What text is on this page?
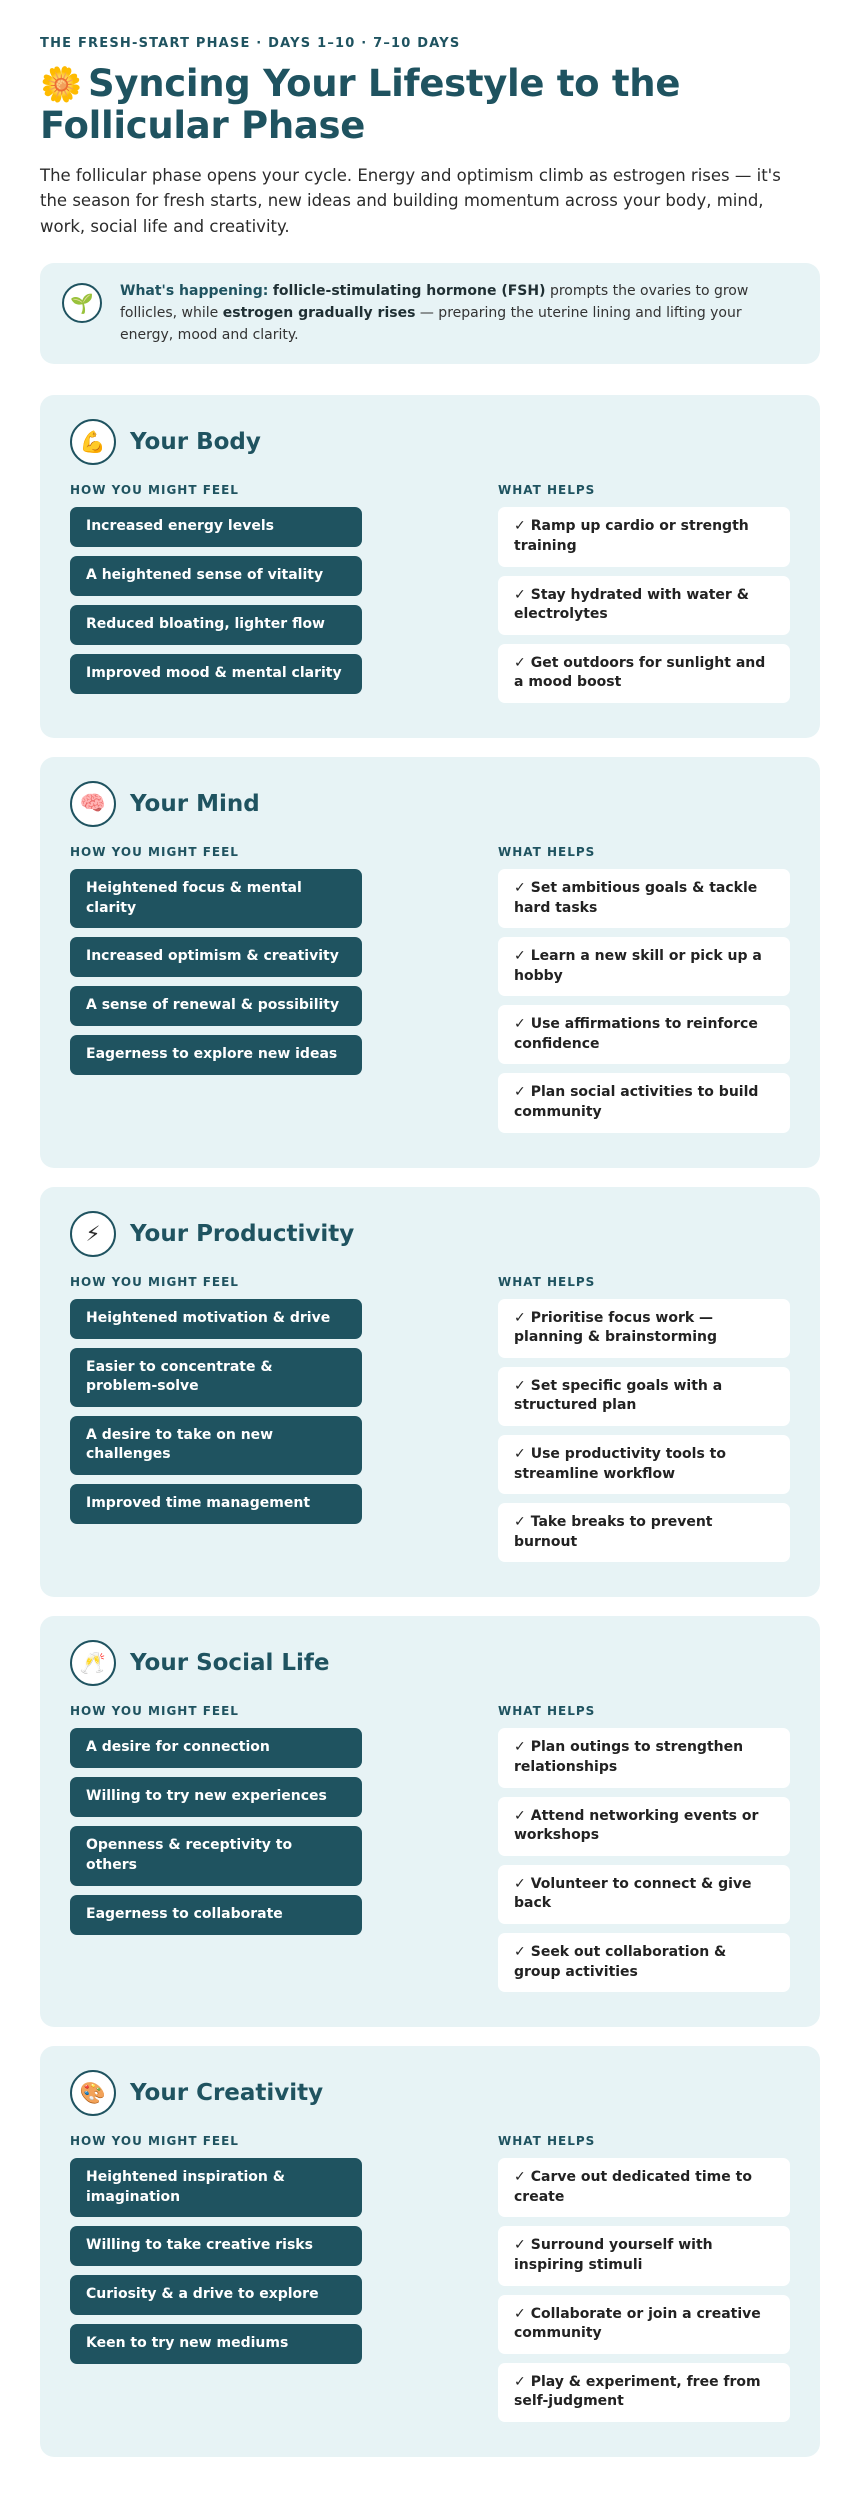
THE FRESH-START PHASE · DAYS 1–10 · 7–10 DAYS
🌼 Syncing Your Lifestyle to the Follicular Phase

The follicular phase opens your cycle. Energy and optimism climb as estrogen rises — it's the season for fresh starts, new ideas and building momentum across your body, mind, work, social life and creativity.

🌱
What's happening: follicle-stimulating hormone (FSH) prompts the ovaries to grow follicles, while estrogen gradually rises — preparing the uterine lining and lifting your energy, mood and clarity.
💪	Your Body
HOW YOU MIGHT FEEL
Increased energy levels
A heightened sense of vitality
Reduced bloating, lighter flow
Improved mood & mental clarity
WHAT HELPS
✓ Ramp up cardio or strength training
✓ Stay hydrated with water & electrolytes
✓ Get outdoors for sunlight and a mood boost
🧠	Your Mind
HOW YOU MIGHT FEEL
Heightened focus & mental clarity
Increased optimism & creativity
A sense of renewal & possibility
Eagerness to explore new ideas
WHAT HELPS
✓ Set ambitious goals & tackle hard tasks
✓ Learn a new skill or pick up a hobby
✓ Use affirmations to reinforce confidence
✓ Plan social activities to build community
⚡	Your Productivity
HOW YOU MIGHT FEEL
Heightened motivation & drive
Easier to concentrate & problem-solve
A desire to take on new challenges
Improved time management
WHAT HELPS
✓ Prioritise focus work — planning & brainstorming
✓ Set specific goals with a structured plan
✓ Use productivity tools to streamline workflow
✓ Take breaks to prevent burnout
🥂	Your Social Life
HOW YOU MIGHT FEEL
A desire for connection
Willing to try new experiences
Openness & receptivity to others
Eagerness to collaborate
WHAT HELPS
✓ Plan outings to strengthen relationships
✓ Attend networking events or workshops
✓ Volunteer to connect & give back
✓ Seek out collaboration & group activities
🎨	Your Creativity
HOW YOU MIGHT FEEL
Heightened inspiration & imagination
Willing to take creative risks
Curiosity & a drive to explore
Keen to try new mediums
WHAT HELPS
✓ Carve out dedicated time to create
✓ Surround yourself with inspiring stimuli
✓ Collaborate or join a creative community
✓ Play & experiment, free from self-judgment
